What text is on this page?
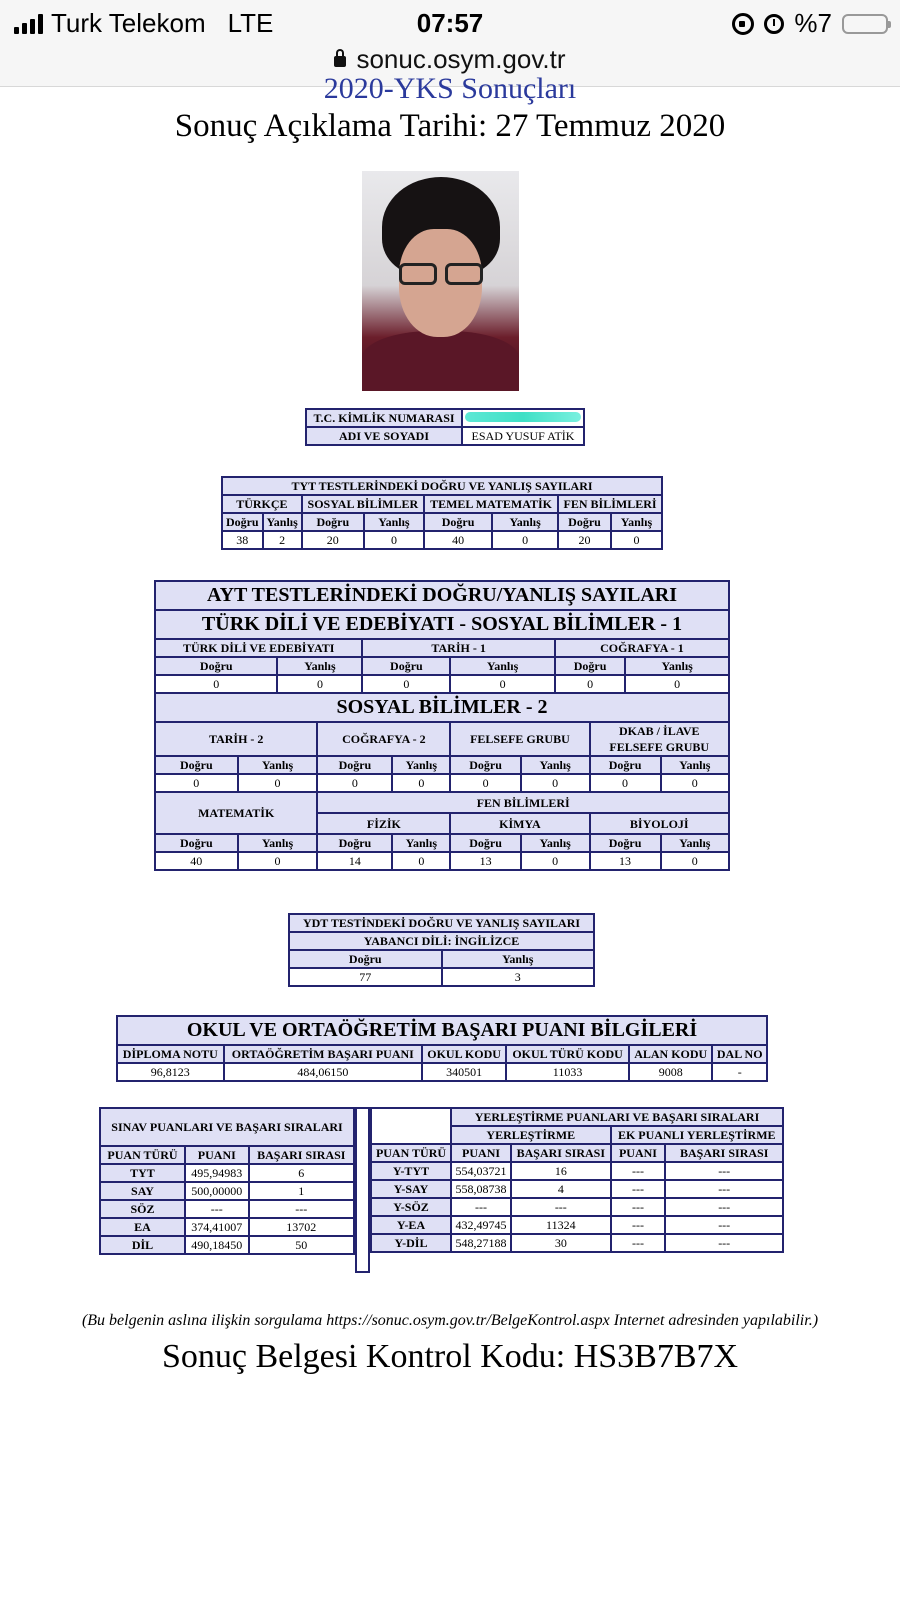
Turk Telekom LTE	07:57	%7
sonuc.osym.gov.tr
2020-YKS Sonuçları
Sonuç Açıklama Tarihi: 27 Temmuz 2020
T.C. KİMLİK NUMARASI	
ADI VE SOYADI	ESAD YUSUF ATİK
TYT TESTLERİNDEKİ DOĞRU VE YANLIŞ SAYILARI							
TÜRKÇE		SOSYAL BİLİMLER		TEMEL MATEMATİK		FEN BİLİMLERİ	
Doğru	Yanlış	Doğru	Yanlış	Doğru	Yanlış	Doğru	Yanlış
38	2	20	0	40	0	20	0
AYT TESTLERİNDEKİ DOĞRU/YANLIŞ SAYILARI											
TÜRK DİLİ VE EDEBİYATI - SOSYAL BİLİMLER - 1											
TÜRK DİLİ VE EDEBİYATI				TARİH - 1				COĞRAFYA - 1			
Doğru		Yanlış		Doğru		Yanlış		Doğru		Yanlış	
0		0		0		0		0		0	
SOSYAL BİLİMLER - 2											
TARİH - 2			COĞRAFYA - 2			FELSEFE GRUBU			DKAB / İLAVE
FELSEFE GRUBU		
Doğru	Yanlış		Doğru		Yanlış	Doğru	Yanlış		Doğru		Yanlış
0	0		0		0	0	0		0		0
MATEMATİK			FEN BİLİMLERİ								
			FİZİK			KİMYA			BİYOLOJİ		
Doğru	Yanlış		Doğru		Yanlış	Doğru	Yanlış		Doğru		Yanlış
40	0		14		0	13	0		13		0
YDT TESTİNDEKİ DOĞRU VE YANLIŞ SAYILARI	
YABANCI DİLİ: İNGİLİZCE	
Doğru	Yanlış
77	3
OKUL VE ORTAÖĞRETİM BAŞARI PUANI BİLGİLERİ					
DİPLOMA NOTU	ORTAÖĞRETİM BAŞARI PUANI	OKUL KODU	OKUL TÜRÜ KODU	ALAN KODU	DAL NO
96,8123	484,06150	340501	11033	9008	-
SINAV PUANLARI VE BAŞARI SIRALARI		
PUAN TÜRÜ	PUANI	BAŞARI SIRASI
TYT	495,94983	6
SAY	500,00000	1
SÖZ	---	---
EA	374,41007	13702
DİL	490,18450	50
	YERLEŞTİRME PUANLARI VE BAŞARI SIRALARI			
	YERLEŞTİRME		EK PUANLI YERLEŞTİRME	
PUAN TÜRÜ	PUANI	BAŞARI SIRASI	PUANI	BAŞARI SIRASI
Y-TYT	554,03721	16	---	---
Y-SAY	558,08738	4	---	---
Y-SÖZ	---	---	---	---
Y-EA	432,49745	11324	---	---
Y-DİL	548,27188	30	---	---
(Bu belgenin aslına ilişkin sorgulama https://sonuc.osym.gov.tr/BelgeKontrol.aspx Internet adresinden yapılabilir.)
Sonuç Belgesi Kontrol Kodu: HS3B7B7X
